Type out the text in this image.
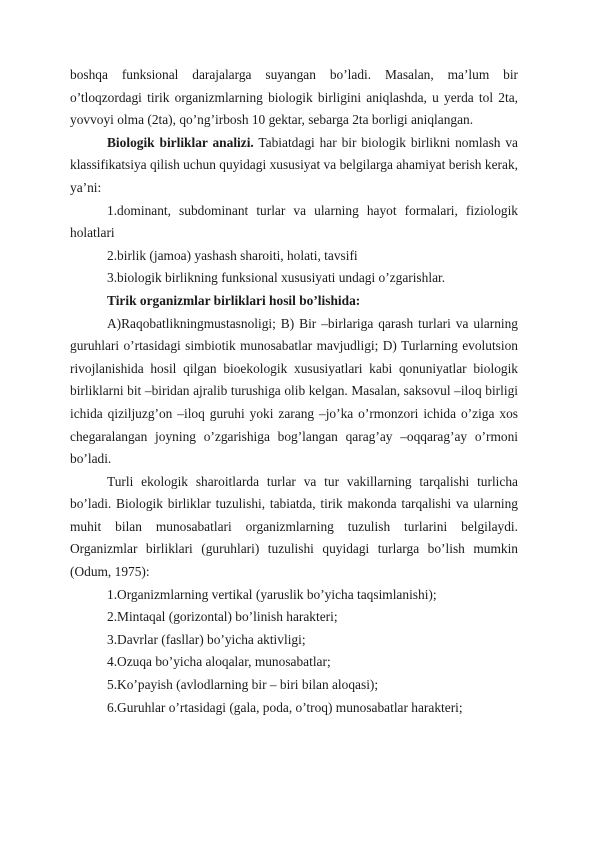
boshqa funksional darajalarga suyangan bo’ladi. Masalan, ma’lum bir o’tloqzordagi tirik organizmlarning biologik birligini aniqlashda, u yerda tol 2ta, yovvoyi olma (2ta), qo’ng’irbosh 10 gektar, sebarga 2ta borligi aniqlangan.

Biologik birliklar analizi. Tabiatdagi har bir biologik birlikni nomlash va klassifikatsiya qilish uchun quyidagi xususiyat va belgilarga ahamiyat berish kerak, ya’ni:

1.dominant, subdominant turlar va ularning hayot formalari, fiziologik holatlari

2.birlik (jamoa) yashash sharoiti, holati, tavsifi

3.biologik birlikning funksional xususiyati undagi o’zgarishlar.

Tirik organizmlar birliklari hosil bo’lishida:

A)Raqobatlikningmustasnoligi; B) Bir –birlariga qarash turlari va ularning guruhlari o’rtasidagi simbiotik munosabatlar mavjudligi; D) Turlarning evolutsion rivojlanishida hosil qilgan bioekologik xususiyatlari kabi qonuniyatlar biologik birliklarni bit –biridan ajralib turushiga olib kelgan. Masalan, saksovul –iloq birligi ichida qiziljuzg’on –iloq guruhi yoki zarang –jo’ka o’rmonzori ichida o’ziga xos chegaralangan joyning o’zgarishiga bog’langan qarag’ay –oqqarag’ay o’rmoni bo’ladi.

Turli ekologik sharoitlarda turlar va tur vakillarning tarqalishi turlicha bo’ladi. Biologik birliklar tuzulishi, tabiatda, tirik makonda tarqalishi va ularning muhit bilan munosabatlari organizmlarning tuzulish turlarini belgilaydi. Organizmlar birliklari (guruhlari) tuzulishi quyidagi turlarga bo’lish mumkin (Odum, 1975):

1.Organizmlarning vertikal (yaruslik bo’yicha taqsimlanishi);

2.Mintaqal (gorizontal) bo’linish harakteri;

3.Davrlar (fasllar) bo’yicha aktivligi;

4.Ozuqa bo’yicha aloqalar, munosabatlar;

5.Ko’payish (avlodlarning bir – biri bilan aloqasi);

6.Guruhlar o’rtasidagi (gala, poda, o’troq) munosabatlar harakteri;
